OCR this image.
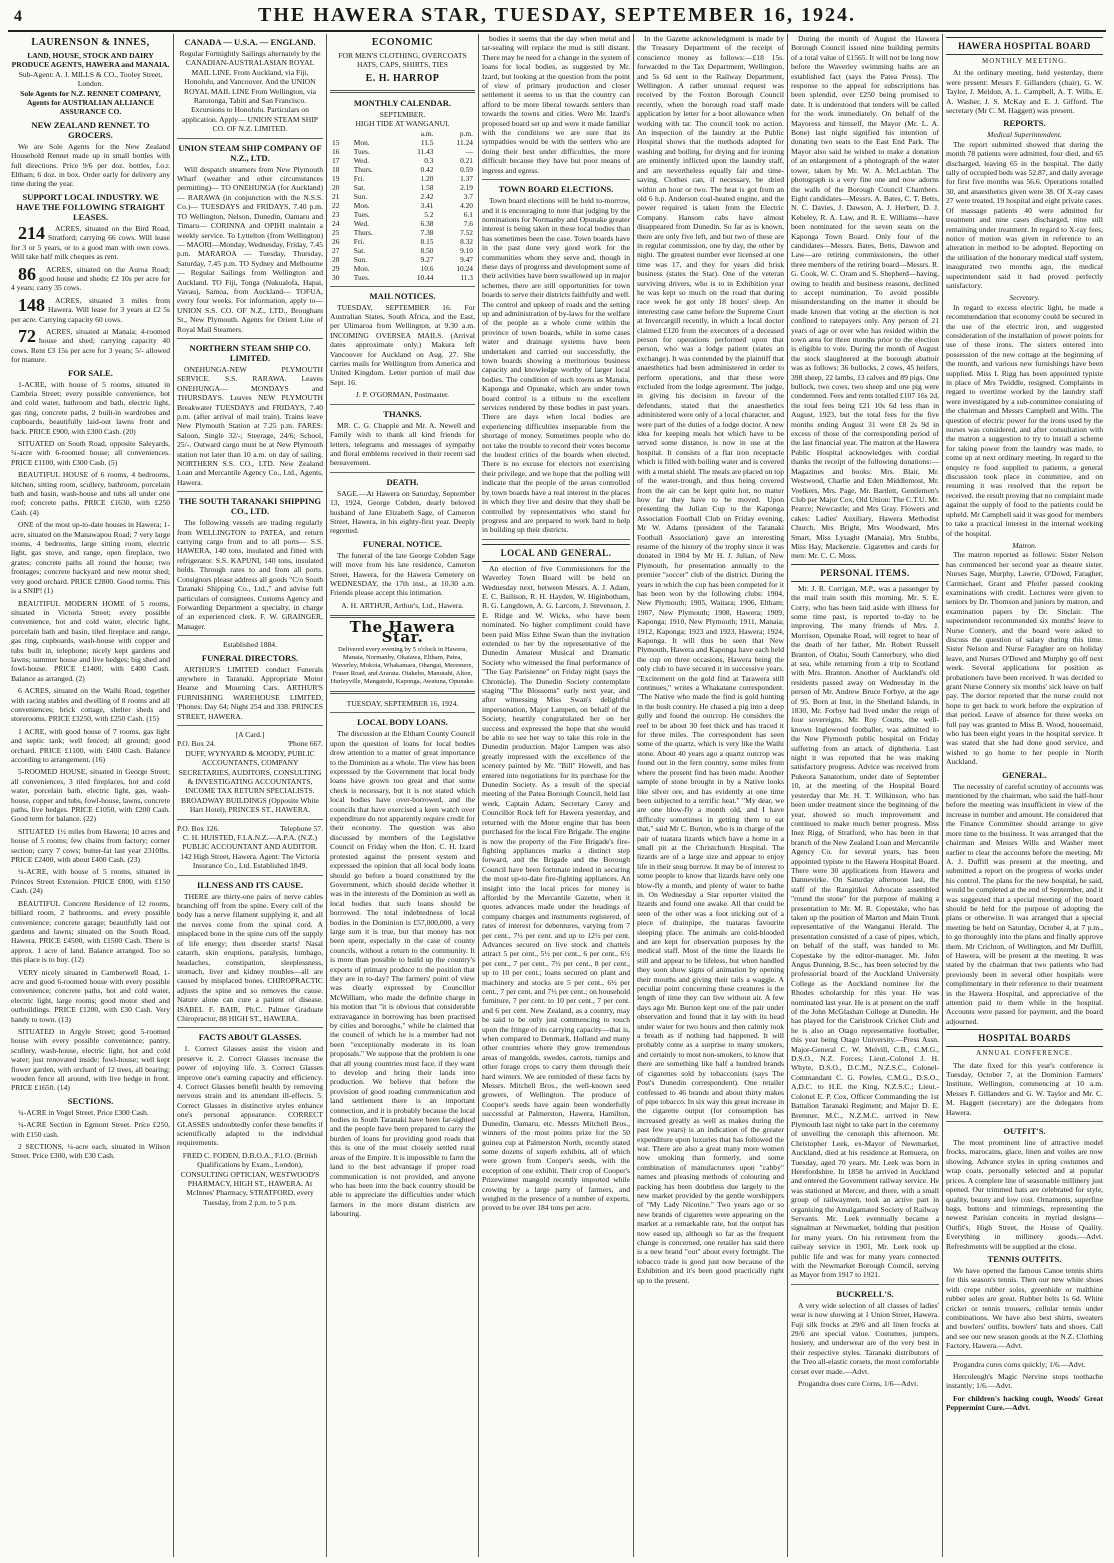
4	THE HAWERA STAR, TUESDAY, SEPTEMBER 16, 1924.
LAURENSON & INNES,
LAND, HOUSE, STOCK AND DAIRY PRODUCE AGENTS, HAWERA and MANAIA.
Sub-Agent: A. J. MILLS & CO., Tooley Street, London.
Sole Agents for N.Z. RENNET COMPANY, Agents for AUSTRALIAN ALLIANCE ASSURANCE CO.
NEW ZEALAND RENNET. TO GROCERS.

We are Sole Agents for the New Zealand Household Rennet made up in small bottles with full directions. Price 9/6 per doz. bottles, f.o.r. Eltham; 6 doz. in box. Order early for delivery any time during the year.

SUPPORT LOCAL INDUSTRY. WE HAVE THE FOLLOWING STRAIGHT LEASES.

214 ACRES, situated on the Bird Road, Stratford; carrying 66 cows. Will lease for 3 or 5 years, or to a good man with own cows. Will take half milk cheques as rent.

86 ACRES, situated on the Auroa Road; good house and sheds; £2 10s per acre for 4 years; carry 35 cows.

148 ACRES, situated 3 miles from Hawera. Will lease for 3 years at £2 5s per acre. Carrying capacity 60 cows.

72 ACRES, situated at Manaia; 4-roomed house and shed; carrying capacity 40 cows. Rent £3 15s per acre for 3 years; 5/- allowed for manure.

FOR SALE.

1-ACRE, with house of 5 rooms, situated in Cambria Street; every possible convenience, hot and cold water, bathroom and bath, electric light, gas ring, concrete paths, 2 built-in wardrobes and cupboards, beautifully laid-out lawns front and back. PRICE £900, with £300 Cash. (20)

SITUATED on South Road, opposite Saleyards, ¼-acre with 6-roomed house; all conveniences. PRICE £1100, with £300 Cash. (5)

BEAUTIFUL HOUSE of 6 rooms, 4 bedrooms, kitchen, sitting room, scullery, bathroom, porcelain bath and basin, wash-house and tubs all under one roof; concrete paths. PRICE £1630, with £250 Cash. (4)

ONE of the most up-to-date houses in Hawera; 1-acre, situated on the Manawapou Road; 7 very large rooms, 4 bedrooms, large sitting room, electric light, gas stove, and range, open fireplace, two grates; concrete paths all round the house; two frontages; concrete backyard and new motor shed; very good orchard. PRICE £2800. Good terms. This is a SNIP! (1)

BEAUTIFUL MODERN HOME of 5 rooms, situated in Victoria Street; every possible convenience, hot and cold water, electric light, porcelain bath and basin, tiled fireplace and range, gas ring, cupboards, wash-house with copper and tubs built in, telephone; nicely kept gardens and lawns; summer house and live hedges; big shed and fowl-house. PRICE £1400, with £400 Cash. Balance as arranged. (2)

6 ACRES, situated on the Waihi Road, together with racing stables and dwelling of 8 rooms and all conveniences; brick cottage, shelter sheds and storerooms. PRICE £3250, with £250 Cash. (15)

1 ACRE, with good house of 7 rooms, gas light and septic tank; well fenced; all ground; good orchard. PRICE £1100, with £400 Cash. Balance according to arrangement. (16)

5-ROOMED HOUSE, situated in George Street; all conveniences, 3 tiled fireplaces, hot and cold water, porcelain bath, electric light, gas, wash-house, copper and tubs, fowl-house, lawns, concrete paths, live hedges. PRICE £1050, with £200 Cash. Good term for balance. (22)

SITUATED 1½ miles from Hawera; 10 acres and house of 5 rooms; few chains from factory; corner section; carry 7 cows; butter-fat last year 2310lbs. PRICE £2400, with about £400 Cash. (23)

¼-ACRE, with house of 5 rooms, situated in Princes Street Extension. PRICE £800, with £150 Cash. (24)

BEAUTIFUL Concrete Residence of 12 rooms, billiard room, 2 bathrooms, and every possible convenience; concrete garage; beautifully laid out gardens and lawns; situated on the South Road, Hawera. PRICE £4500, with £1500 Cash. There is approx. 1 acre of land. Balance arranged. Too so this place is to buy. (12)

VERY nicely situated in Camberwell Road, 1-acre and good 6-roomed house with every possible convenience; concrete paths, hot and cold water, electric light, large rooms; good motor shed and outbuildings. PRICE £1200, with £30 Cash. Very handy to town. (13)

SITUATED in Argyle Street; good 5-roomed house with every possible convenience; pantry, scullery, wash-house, electric light, hot and cold water; just renovated inside; fowl-house; well kept flower garden, with orchard of 12 trees, all bearing; wooden fence all around, with live hedge in front. PRICE £1650. (14)

SECTIONS.

¼-ACRE in Vogel Street. Price £300 Cash.

¼-ACRE Section in Egmont Street. Price £250, with £150 cash.

2 SECTIONS, ¼-acre each, situated in Wilson Street. Price £300, with £30 Cash.

CANADA — U.S.A. — ENGLAND.

Regular Fortnightly Sailings alternately by the CANADIAN-AUSTRALASIAN ROYAL MAIL LINE. From Auckland, via Fiji, Honolulu, and Vancouver. And the UNION ROYAL MAIL LINE From Wellington, via Rarotonga, Tahiti and San Francisco. Excursions to Honolulu. Particulars on application. Apply— UNION STEAM SHIP CO. OF N.Z. LIMITED.

UNION STEAM SHIP COMPANY OF N.Z., LTD.

Will despatch steamers from New Plymouth Wharf (weather and other circumstances permitting)— TO ONEHUNGA (for Auckland)— RARAWA (in conjunction with the N.S.S. Co.)— TUESDAYS and FRIDAYS, 7.40 p.m. TO Wellington, Nelson, Dunedin, Oamaru and Timaru— CORINNA and OPIHI maintain a weekly service. To Lyttelton (from Wellington)— MAORI—Monday, Wednesday, Friday, 7.45 p.m. MARAROA — Tuesday, Thursday, Saturday, 7.45 p.m. TO Sydney and Melbourne— Regular Sailings from Wellington and Auckland. TO Fiji, Tonga (Nukualofa, Hapai, Vavau), Samoa, from Auckland— TOFUA, every four weeks. For information, apply to— UNION S.S. CO. OF N.Z., LTD., Brougham St., New Plymouth. Agents for Orient Line of Royal Mail Steamers.

NORTHERN STEAM SHIP CO. LIMITED.

ONEHUNGA-NEW PLYMOUTH SERVICE. S.S. RARAWA. Leaves ONEHUNGA— MONDAYS and THURSDAYS. Leaves NEW PLYMOUTH Breakwater TUESDAYS and FRIDAYS, 7.40 p.m. (after arrival of mail train). Trains leave New Plymouth Station at 7.25 p.m. FARES: Saloon, Single 32/-; Steerage, 24/6; School, 25/-. Outward cargo must be at New Plymouth station not later than 10 a.m. on day of sailing. NORTHERN S.S. CO., LTD. New Zealand Loan and Mercantile Agency Co., Ltd., Agents, Hawera.

THE SOUTH TARANAKI SHIPPING CO., LTD.

The following vessels are trading regularly from WELLINGTON to PATEA, and return carrying cargo from and to all ports— S.S. HAWERA, 140 tons, insulated and fitted with refrigerator. S.S. KAPUNI, 140 tons, insulated holds. Through rates to and from all ports. Consignors please address all goods "C/o South Taranaki Shipping Co., Ltd.," and advise full particulars of consignees. Customs Agency and Forwarding Department a specialty, in charge of an experienced clerk. F. W. GRAINGER, Manager.

Established 1884.
FUNERAL DIRECTORS.

ARTHUR'S LIMITED conduct Funerals anywhere in Taranaki. Appropriate Motor Hearse and Mourning Cars. ARTHUR'S FURNISHING WAREHOUSE LIMITED, 'Phones: Day 64; Night 254 and 338. PRINCES STREET, HAWERA.

[A Card.]
P.O. Box 24.	'Phone 667.

DUFF, WYNYARD & MOODY, PUBLIC ACCOUNTANTS, COMPANY SECRETARIES, AUDITORS, CONSULTING & INVESTIGATING ACCOUNTANTS, INCOME TAX RETURN SPECIALISTS. BROADWAY BUILDINGS (Opposite White Hart Hotel), PRINCES ST., HAWERA.

P.O. Box 126.	Telephone 57.

C. H. HUISTED, F.I.A.N.Z.—A.P.A. (N.Z.) PUBLIC ACCOUNTANT AND AUDITOR. 142 High Street, Hawera. Agent: The Victoria Insurance Co., Ltd. Established 1849.

ILLNESS AND ITS CAUSE.

THERE are thirty-one pairs of nerve cables branching off from the spine. Every cell of the body has a nerve filament supplying it, and all the nerves come from the spinal cord. A misplaced bone in the spine cuts off the supply of life energy; then disorder starts! Nasal catarrh, skin eruptions, paralysis, lumbago, headaches, constipation, sleeplessness, stomach, liver and kidney troubles—all are caused by misplaced bones. CHIROPRACTIC adjusts the spine and so removes the cause. Nature alone can cure a patient of disease. ISABEL F. BAIR, Ph.C. Palmer Graduate Chiropractor, 88 HIGH ST., HAWERA.

FACTS ABOUT GLASSES.

1. Correct Glasses assist the vision and preserve it. 2. Correct Glasses increase the power of enjoying life. 3. Correct Glasses improve one's earning capacity and efficiency. 4. Correct Glasses benefit health by removing nervous strain and its attendant ill-effects. 5. Correct Glasses in distinctive styles enhance one's personal appearance. CORRECT GLASSES undoubtedly confer these benefits if scientifically adapted to the individual requirements.

FRED C. FODEN, D.B.O.A., F.I.O. (British Qualifications by Exam., London), CONSULTING OPTICIAN, WESTWOOD'S PHARMACY, HIGH ST., HAWERA. At McInnes' Pharmacy, STRATFORD, every Tuesday, from 2 p.m. to 5 p.m.

ECONOMIC
FOR MEN'S CLOTHING, OVERCOATS HATS, CAPS, SHIRTS, TIES
E. H. HARROP
MONTHLY CALENDAR.
SEPTEMBER.
HIGH TIDE AT WANGANUI.
		a.m.	p.m.
15	Mon.	11.5	11.24
16	Tues.	11.43	—
17	Wed.	0.3	0.21
18	Thurs.	0.42	0.59
19	Fri.	1.20	1.37
20	Sat.	1.58	2.19
21	Sun.	2.42	3.7
22	Mon.	3.41	4.20
23	Tues.	5.2	6.1
24	Wed.	6.38	7.6
25	Thurs.	7.38	7.52
26	Fri.	8.15	8.32
27	Sat.	8.50	9.10
28	Sun.	9.27	9.47
29	Mon.	10.6	10.24
30	Tues.	10.44	11.3
MAIL NOTICES.

TUESDAY, SEPTEMBER 16. For Australian States, South Africa, and the East, per Ulimaroa from Wellington, at 9.30 a.m. INCOMING OVERSEA MAILS. (Arrival dates approximate only.) Makura left Vancouver for Auckland on Aug. 27. She carries mails for Wellington from America and United Kingdom. Letter portion of mail due Sept. 16.

J. P. O'GORMAN, Postmaster.
THANKS.

MR. C. G. Chapple and Mr. A. Newell and Family wish to thank all kind friends for letters, telegrams and messages of sympathy and floral emblems received in their recent sad bereavement.

DEATH.

SAGE.—At Hawera on Saturday, September 13, 1924, George Cobden, dearly beloved husband of Jane Elizabeth Sage, of Cameron Street, Hawera, in his eighty-first year. Deeply regretted.

FUNERAL NOTICE.

The funeral of the late George Cobden Sage will move from his late residence, Cameron Street, Hawera, for the Hawera Cemetery on WEDNESDAY, the 17th inst., at 10.30 a.m. Friends please accept this intimation.

A. H. ARTHUR, Arthur's, Ltd., Hawera.
The Hawera Star.

Delivered every evening by 5 o'clock in Hawera, Manaia, Normanby, Okaiawa, Eltham, Patea, Waverley, Mokoia, Whakamara, Ohangai, Meremere, Fraser Road, and Ararata. Otakeho, Manutahi, Alton, Hurleyville, Mangatoki, Kaponga, Awatuna, Opunake.

TUESDAY, SEPTEMBER 16, 1924.
LOCAL BODY LOANS.

The discussion at the Eltham County Council upon the question of loans for local bodies drew attention to a matter of great importance to the Dominion as a whole. The view has been expressed by the Government that local body loans have grown too great and that some check is necessary, but it is not stated which local bodies have over-borrowed, and the councils that have exercised a keen watch over expenditure do not apparently require credit for their economy. The question was also discussed by members of the Legislative Council on Friday when the Hon. C. H. Izard protested against the present system and expressed the opinion that all local body loans should go before a board constituted by the Government, which should decide whether it was in the interests of the Dominion as well as local bodies that such loans should be borrowed. The total indebtedness of local bodies in the Dominion is £57,000,000, a very large sum it is true, but that money has not been spent, especially in the case of county councils, without a return to the community. It is more than possible to build up the country's exports of primary produce to the position that they are in to-day? The farmers' point of view was clearly expressed by Councillor McWilliam, who made the definite charge in his motion that "it is obvious that considerable extravagance in borrowing has been practised by cities and boroughs," while he claimed that the council of which he is a member had not been "exceptionally moderate in its loan proposals." We suppose that the problem is one that all young countries must face, if they want to develop and bring their lands into production. We believe that before the provision of good roading communication and land settlement there is an important connection, and it is probably because the local bodies in South Taranaki have been far-sighted and the people have been prepared to carry the burden of loans for providing good roads that this is one of the most closely settled rural areas of the Empire. It is impossible to farm the land to the best advantage if proper road communication is not provided, and anyone who has been into the back country should be able to appreciate the difficulties under which farmers in the more distant districts are labouring.

bodies it seems that the day when metal and tar-sealing will replace the mud is still distant. There may be need for a change in the system of loans for local bodies, as suggested by Mr. Izard, but looking at the question from the point of view of primary production and closer settlement it seems to us that the country can afford to be more liberal towards settlers than towards the towns and cities. Were Mr. Izard's proposed board set up and were it made familiar with the conditions we are sure that its sympathies would be with the settlers who are doing their best under difficulties, the more difficult because they have but poor means of ingress and egress.

TOWN BOARD ELECTIONS.

Town board elections will be held to-morrow, and it is encouraging to note that judging by the nominations for Normanby and Opunake greater interest is being taken in these local bodies than has sometimes been the case. Town boards have in the past done very good work for the communities whom they serve and, though in these days of progress and development some of their activities have been swallowed up in major schemes, there are still opportunities for town boards to serve their districts faithfully and well. The control and upkeep of roads and the setting up and administration of by-laws for the welfare of the people as a whole come within the province of town boards, while in some cases water and drainage systems have been undertaken and carried out successfully, the town boards showing a meritorious business capacity and knowledge worthy of larger local bodies. The condition of such towns as Manaia, Kaponga and Opunake, which are under town board control is a tribute to the excellent services rendered by these bodies in past years. There are days when local bodies are experiencing difficulties inseparable from the shortage of money. Sometimes people who do not take the trouble to record their votes become the loudest critics of the boards when elected. There is no excuse for electors not exercising their privilege, and we hope that the polling will indicate that the people of the areas controlled by town boards have a real interest in the places in which they live and desire that they shall be controlled by representatives who stand for progress and are prepared to work hard to help in building up their districts.

LOCAL AND GENERAL.

An election of five Commissioners for the Waverley Town Board will be held on Wednesday next, between Messrs. A. J. Adam, E. C. Bailison, R. H. Hayden, W. Higinbotham, R. G. Langdown, A. G. Larcom, J. Stevenson, J. E. Ridge and W. Wicks, who have been nominated. No higher compliment could have been paid Miss Ethne Swan than the invitation extended to her by the representative of the Dunedin Amateur Musical and Dramatic Society who witnessed the final performance of "The Gay Parisienne" on Friday night (says the Chronicle). The Dunedin Society contemplate staging "The Blossoms" early next year, and after witnessing Miss Swan's delightful impersonation, Major Lampen, on behalf of the Society, heartily congratulated her on her success and expressed the hope that she would be able to see her way to take this role in the Dunedin production. Major Lampen was also greatly impressed with the excellence of the scenery painted by Mr. "Bill" Howell, and has entered into negotiations for its purchase for the Dunedin Society. As a result of the special meeting of the Patea Borough Council, held last week, Captain Adam, Secretary Carey and Councillor Rock left for Hawera yesterday, and returned with the Motor engine that has been purchased for the local Fire Brigade. The engine is now the property of the Fire Brigade's fire-fighting appliances marks a distinct step forward, and the Brigade and the Borough Council have been fortunate indeed in securing the most up-to-date fire-fighting appliances. An insight into the local prices for money is afforded by the Mercantile Gazette, when it quotes advances made under the headings of company charges and instruments registered, of rates of interest for debentures, varying from 7 per cent., 7½ per cent. and up to 12½ per cent. Advances secured on live stock and chattels attract 5 per cent., 5½ per cent., 6 per cent., 6½ per cent., 7 per cent., 7½ per cent., 8 per cent., up to 10 per cent.; loans secured on plant and machinery and stocks are 5 per cent., 6½ per cent., 7 per cent. and 7½ per cent.; on household furniture, 7 per cent. to 10 per cent., 7 per cent. and 6 per cent. New Zealand, as a country, may be said to be only just commencing to touch upon the fringe of its carrying capacity—that is, when compared to Denmark, Holland and many other countries where they grow tremendous areas of mangolds, swedes, carrots, turnips and other forage crops to carry them through their hard winters. We are reminded of these facts by Messrs. Mitchell Bros., the well-known seed growers, of Wellington. The produce of Cooper's seeds have again been wonderfully successful at Palmerston, Hawera, Hamilton, Dunedin, Oamaru, etc. Messrs Mitchell Bros., winners of the most points prize for the 50 guinea cup at Palmerston North, recently stated some dozens of superb exhibits, all of which were grown from Cooper's seeds, with the exception of one exhibit. Their crop of Cooper's Prizewinner mangold recently imported while crowing by a large party of farmers, and weighed in the presence of a number of experts, proved to be over 184 tons per acre.

In the Gazette acknowledgment is made by the Treasury Department of the receipt of conscience money as follows:—£18 15s. forwarded to the Tax Department, Wellington, and 5s 6d sent to the Railway Department, Wellington. A rather unusual request was received by the Foxton Borough Council recently, when the borough road staff made application by letter for a boot allowance when working with tar. The council took no action. An inspection of the laundry at the Public Hospital shows that the methods adopted for washing and boiling, for drying and for ironing are eminently inflicted upon the laundry staff, and are nevertheless equally fair and time-saving. Clothes can, if necessary, be dried within an hour or two. The heat is got from an old 6 h.p. Anderson coal-heated engine, and the power required is taken from the Electric Company. Hansom cabs have almost disappeared from Dunedin. So far as is known, there are only five left, and but two of these are in regular commission, one by day, the other by night. The greatest number ever licensed at one time was 17, and they for years did brisk business (states the Star). One of the veteran surviving drivers, who is to in Exhibition year he was kept so much on the road that during race week he got only 18 hours' sleep. An interesting case came before the Supreme Court at Invercargill recently, in which a local doctor claimed £120 from the executors of a deceased person for operations performed upon that person, who was a lodge patient (states an exchange). It was contended by the plaintiff that anaesthetics had been administered in order to perform operations, and that these were excluded from the lodge agreement. The judge, in giving his decision in favour of the defendants, stated that the anaesthetics administered were only of a local character, and were part of the duties of a lodge doctor. A new idea for keeping meals hot which have to be served some distance, is now in use at the hospital. It consists of a flat iron receptacle which is filled with boiling water and is covered with a metal shield. The meals are placed on top of the water-trough, and thus being covered from the air can be kept quite hot, no matter how far they have to be moved. Upon presenting the Julian Cup to the Kaponga Association Football Club on Friday evening, Mr W. Adams (president of the Taranaki Football Association) gave an interesting resume of the history of the trophy since it was donated in 1904 by Mr H. J. Julian, of New Plymouth, for presentation annually to the premier "soccer" club of the district. During the years in which the cup has been competed for it has been won by the following clubs: 1904, New Plymouth; 1905, Waitara; 1906, Eltham; 1907, New Plymouth; 1908, Hawera; 1909, Kaponga; 1910, New Plymouth; 1911, Manaia; 1912, Kaponga; 1923 and 1923, Hawera; 1924, Kaponga. It will thus be seen that New Plymouth, Hawera and Kaponga have each held the cup on three occasions, Hawera being the only club to have secured it in successive years. "Excitement on the gold find at Tarawera still continues," writes a Whakatane correspondent. "The Native who made the find is gold hunting in the bush country. He chased a pig into a deep gully and found the outcrop. He considers the reef to be about 30 feet thick and has traced it for three miles. The correspondent has seen some of the quartz, which is very like the Waihi stone. About 40 years ago a quartz outcrop was found out in the fern country, some miles from where the present find has been made. Another sample of stone brought in by a Native looks like silver ore, and has evidently at one time been subjected to a terrific heat." "My dear, we are one blow-fly a month old, and I have difficulty sometimes in getting them to eat that," said Mr C. Burton, who is in charge of the pair of tuatara lizards which have a home in a small pit at the Christchurch Hospital. The lizards are of a large size and appear to enjoy life in their snug burrow. It may be of interest to some people to know that lizards have only one blow-fly a month, and plenty of water to bathe in. On Wednesday a Star reporter visited the lizards and found one awake. All that could be seen of the other was a foot sticking out of a piece of drainpipe, the tuataras favourite sleeping place. The animals are cold-blooded and are kept for observation purposes by the medical staff. Most of the time the lizards lie still and appear to be lifeless, but when handled they soon show signs of animation by opening their mouths and giving their tails a waggle. A peculiar point concerning these creatures is the length of time they can live without air. A few days ago Mr. Burton kept one of the pair under observation and found that it lay with its head under water for two hours and then calmly took a breath as if nothing had happened. It will probably come as a surprise to many smokers, and certainly to most non-smokers, to know that there are something like half a hundred brands of cigarettes sold by tobacconists (says The Post's Dunedin correspondent). One retailer confessed to 46 brands and about thirty makes of pipe tobacco. In six way this great increase in the cigarette output (for consumption has increased greatly as well as makes during the past few years) is an indication of the greater expenditure upon luxuries that has followed the war. There are also a great many more women now smoking than formerly, and some combination of manufacturers upon "cabby" names and pleasing methods of colouring and packing has been doubtless due largely to the new market provided by the gentle worshippers of "My Lady Nicotine." Two years ago or so new brands of cigarettes were appearing on the market at a remarkable rate, but the output has now eased up, although so far as the frequent change is concerned, one retailer has said there is a new brand "out" about every fortnight. The tobacco trade is good just now because of the Exhibition and it's been good practically right up to the present.

During the month of August the Hawera Borough Council issued nine building permits of a total value of £1565. It will not be long now before the Waverley swimming baths are an established fact (says the Patea Press). The response to the appeal for subscriptions has been splendid, over £250 being promised to date. It is understood that tenders will be called for the work immediately. On behalf of the Mayoress and himself, the Mayor (Mr. L. A. Bone) last night signified his intention of donating two seats to the East End Park. The Mayor also said he wished to make a donation of an enlargement of a photograph of the water tower, taken by Mr. W. A. McLachlan. The photograph is a very fine one and now adorns the walls of the Borough Council Chambers. Eight candidates—Messrs. A. Bates, C. T. Betts, N. C. Davies, J. Dawson, A. J. Herbert, D. J. Kebeley, R. A. Law, and R. E. Williams—have been nominated for the seven seats on the Kaponga Town Board. Only four of the candidates—Messrs. Bates, Betts, Dawson and Law—are retiring commissioners, the other three members of the retiring board—Messrs. R. G. Cook, W. C. Oram and S. Shepherd—having, owing to health and business reasons, declined to accept nomination. To avoid possible misunderstanding on the matter it should be made known that voting at the election is not confined to ratepayers only. Any person of 21 years of age or over who has resided within the town area for three months prior to the election is eligible to vote. During the month of August the stock slaughtered at the borough abattoir was as follows: 36 bullocks, 2 cows, 45 heifers, 398 sheep, 22 lambs, 13 calves and 89 pigs. One bullock, two cows, two sheep and one pig were condemned. Fees and rents totalled £107 16s 2d, the total fees being £21 10s 6d less than in August, 1923, but the total fees for the five months ending August 31 were £8 2s 9d in excess of those of the corresponding period of the last financial year. The matron at the Hawera Public Hospital acknowledges with cordial thanks the receipt of the following donations:—Magazines and books: Mrs. Blair, Mr. Westwood, Charlie and Eden Middlemost, Mr. Voelkers, Mrs. Page, Mr. Bartlett, Gentlemen's Club per Major Cox, Old Union: The C.T.U. Mr. Pearce; Newcastle; and Mrs Gray. Flowers and cakes: Ladies' Auxiliary, Hawera Methodist Church, Mrs Bright, Mrs Woodward, Mrs Smart, Miss Lysaght (Manaia), Mrs Stubbs, Miss Hay, Mackenzie. Cigarettes and cards for men: Mr. C. C. Moss.

PERSONAL ITEMS.

Mr. J. R. Corrigan, M.P., was a passenger by the mail train south this morning. Mr. S. E. Corry, who has been laid aside with illness for some time past, is reported to-day to be improving. The many friends of Mrs. J. Morrison, Opunake Road, will regret to hear of the death of her father, Mr. Robert Russell Branton, of Otahu, South Canterbury, who died at sea, while returning from a trip to Scotland with Mrs. Branton. Another of Auckland's old residents passed away on Wednesday in the person of Mr. Andrew Bruce Forbye, at the age of 95. Born at Inst, in the Shetland Islands, in 1830, Mr. Forbye had lived under the reign of four sovereigns. Mr. Roy Coutts, the well-known Inglewood footballer, was admitted to the New Plymouth public hospital on Friday suffering from an attack of diphtheria. Last night it was reported that he was making satisfactory progress. Advice was received from Pukeora Sanatorium, under date of September 10, at the meeting of the Hospital Board yesterday that Mr. H. T. Wilkinson, who has been under treatment since the beginning of the year, showed so much improvement and continued to make much better progress. Miss Inez Rigg, of Stratford, who has been in that branch of the New Zealand Loan and Mercantile Agency Co. for several years, has been appointed typiste to the Hawera Hospital Board. There were 30 applications from Hawera and Dannevirke. On Saturday afternoon last, the staff of the Rangitikei Advocate assembled "round the stone" for the purpose of making a presentation to Mr. M. R. Copestake, who has taken up the position of Marton and Main Trunk representative of the Wanganui Herald. The presentation consisted of a case of pipes, which, on behalf of the staff, was handed to Mr. Copestake by the editor-manager. Mr. John Angus Dunning, B.Sc., has been selected by the professorial board of the Auckland University College as the Auckland nominee for the Rhodes scholarship for this year. He was nominated last year. He is at present on the staff of the John McGlashan College at Dunedin. He has played for the Carisbrook Cricket Club and he is also an Otago representative footballer, this year being Otago University.—Press Assn. Major-General C. W. Melvill, C.B., C.M.G., D.S.O., N.Z. Forces; Lieut.-Colonel J. H. Whyte, D.S.O., D.C.M., N.Z.S.C., Colonel-Commandant C. G. Powles, C.M.G., D.S.O., A.D.C. to H.E. the King, N.Z.S.C.; Lieut.-Colonel E. P. Cox, Officer Commanding the 1st Battalion Taranaki Regiment; and Major D. E. Bremner, M.C., N.Z.M.C. arrived in New Plymouth last night to take part in the ceremony of unveiling the cenotaph this afternoon. Mr. Christopher Leek, ex-Mayor of Newmarket, Auckland, died at his residence at Remuera, on Tuesday, aged 70 years. Mr. Leek was born in Herefordshire. In 1858 he arrived in Auckland and entered the Government railway service. He was stationed at Mercer, and there, with a small group of railwaymen, took an active part in organising the Amalgamated Society of Railway Servants. Mr. Leek eventually became a signalman at Newmarket, holding that position for many years. On his retirement from the railway service in 1901, Mr. Leek took up public life and was for many years connected with the Newmarket Borough Council, serving as Mayor from 1917 to 1921.

BUCKRELL'S.

A very wide selection of all classes of ladies' wear is now showing at 1 Union Street, Hawera. Fuji silk frocks at 29/6 and all linen frocks at 29/6 are special value. Costumes, jumpers, hosiery, and underwear are of the very best in their respective styles. Taranaki distributors of the Treo all-elastic corsets, the most comfortable corset ever made.—Advt.

Progandra does cure Corns, 1/6—Advt.

HAWERA HOSPITAL BOARD
MONTHLY MEETING.

At the ordinary meeting, held yesterday, there were present: Messrs F. Gillanders (chair), G. W. Taylor, J. Meldon, A. L. Campbell, A. T. Wills, E. A. Washer, J. S. McKay and E. J. Gifford. The secretary (Mr C. M. Haggett) was present.

REPORTS.
Medical Superintendent.

The report submitted showed that during the month 78 patients were admitted, four died, and 65 discharged, leaving 65 in the hospital. The daily tally of occupied beds was 52.87, and daily average for first five months was 56.6. Operations totalled 30, and anaesthetics given were 38. Of X-ray cases 27 were treated, 19 hospital and eight private cases. Of massage patients 40 were admitted for treatment and nine cases discharged, nine still remaining under treatment. In regard to X-ray fees, notice of motion was given in reference to an alteration in method to be adopted. Reporting on the utilisation of the honorary medical staff system, inaugurated two months ago, the medical superintendent said it had proved perfectly satisfactory.

Secretary.

In regard to excess electric light, he made a recommendation that economy could be secured in the use of the electric iron, and suggested consideration of the installation of power points for use of these irons. The sisters entered into possession of the new cottage at the beginning of the month, and various new furnishings have been supplied. Miss I. Rigg has been appointed typiste in place of Mrs Twiddle, resigned. Complaints in regard to overtime worked by the laundry staff were investigated by a sub-committee consisting of the chairman and Messrs Campbell and Wills. The question of electric power for the irons used by the nurses was considered, and after consultation with the matron a suggestion to try to install a scheme for taking power from the laundry was made, to come up at next ordinary meeting. In regard to the enquiry re food supplied to patients, a general discussion took place in committee, and on resuming it was resolved that the report be received. the result proving that no complaint made against the supply of food to the patients could be upheld. Mr Campbell said it was good for members to take a practical interest in the internal working of the hospital.

Matron.

The matron reported as follows: Sister Nelson has commenced her second year as theatre sister. Nurses Sage, Murphy, Lawrie, O'Dowd, Faragher, Carmichael, Grant and Pfeifer passed cooking examinations with credit. Lectures were given to seniors by Dr. Thomson and juniors by matron, and examination papers by Dr. Sinclair. The superintendent recommended six months' leave to Nurse Connery, and the board were asked to discuss the question of salary during this time. Sister Nelson and Nurse Faragher are on holiday leave, and Nurses O'Dowd and Murphy go off next week. Several applications for position as probationers have been received. It was decided to grant Nurse Connery six months' sick leave on half pay. The doctor reported that the nurse could not hope to get back to work before the expiration of that period. Leave of absence for three weeks on full pay was granted to Miss B. Wood, housemaid, who has been eight years in the hospital service. It was stated that she had done good service, and wished to go home to her people in North Auckland.

GENERAL.

The necessity of careful scrutiny of accounts was mentioned by the chairman, who said the half-hour before the meeting was insufficient in view of the increase in number and amount. He considered that the Finance Committee should arrange to give more time to the business. It was arranged that the chairman and Messrs Wills and Washer meet earlier to clear the accounts before the meeting. Mr A. J. Duffill was present at the meeting, and submitted a report on the progress of works under his control. The plans for the new hospital, he said, would be completed at the end of September, and it was suggested that a special meeting of the board should be held for the purpose of adopting the plans or otherwise. It was arranged that a special meeting be held on Saturday, October 4, at 7 p.m., to go thoroughly into the plans and finally approve them. Mr Crichton, of Wellington, and Mr Duffill, of Hawera, will be present at the meeting. It was stated by the chairman that two patients who had previously been in several other hospitals were complimentary in their reference to their treatment in the Hawera Hospital, and appreciative of the attention paid to them while in the hospital. Accounts were passed for payment, and the board adjourned.

HOSPITAL BOARDS
ANNUAL CONFERENCE.

The date fixed for this year's conference is Tuesday, October 7, at the Dominion Farmers' Institute, Wellington, commencing at 10 a.m. Messrs F. Gillanders and G. W. Taylor and Mr. C. M. Haggett (secretary) are the delegates from Hawera.

OUTFIT'S.

The most prominent line of attractive model frocks, marocains, glace, linen and voiles are now showing. Advance styles in spring costumes and wrap coats, personally selected and at popular prices. A complete line of seasonable millinery just opened. Our trimmed hats are celebrated for style, quality, beauty and low cost. Ornaments, superfine bags, buttons and trimmings, representing the newest Parisian conceits in myriad designs—Outfit's, High Street, the House of Quality. Everything in millinery goods.—Advt. Refreshments will be supplied at the close.

TENNIS OUTFITS.

We have opened the famous Canoe tennis shirts for this season's tennis. Then our new white shoes with crepe rubber soles, greenhide or malthine rubber soles are great. Rubber belts 1s 6d. White cricket or tennis trousers, cellular tennis under combinations. We have also best shirts, sweaters and bowlers' outfits, bowlers' hats and shoes. Call and see our new season goods at the N.Z. Clothing Factory, Hawera.—Advt.

Progandra cures corns quickly; 1/6.—Advt.

Hercoleugh's Magic Nervine stops toothache instantly; 1/6.—Advt.

For children's hacking cough, Woods' Great Peppermint Cure.—Advt.
